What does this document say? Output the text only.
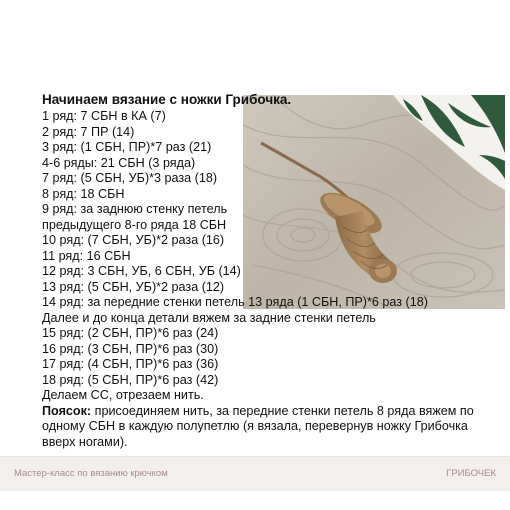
Начинаем вязание с ножки Грибочка.
1 ряд: 7 СБН в КА (7)
2 ряд: 7 ПР (14)
3 ряд: (1 СБН, ПР)*7 раз (21)
4-6 ряды: 21 СБН (3 ряда)
7 ряд: (5 СБН, УБ)*3 раза (18)
8 ряд: 18 СБН
9 ряд: за заднюю стенку петель
предыдущего 8-го ряда 18 СБН
10 ряд: (7 СБН, УБ)*2 раза (16)
11 ряд: 16 СБН
12 ряд: 3 СБН, УБ, 6 СБН, УБ (14)
13 ряд: (5 СБН, УБ)*2 раза (12)
14 ряд: за передние стенки петель 13 ряда (1 СБН, ПР)*6 раз (18)
Далее и до конца детали вяжем за задние стенки петель
15 ряд: (2 СБН, ПР)*6 раз (24)
16 ряд: (3 СБН, ПР)*6 раз (30)
17 ряд: (4 СБН, ПР)*6 раз (36)
18 ряд: (5 СБН, ПР)*6 раз (42)
Делаем СС, отрезаем нить.
Поясок: присоединяем нить, за передние стенки петель 8 ряда вяжем по одному СБН в каждую полупетлю (я вязала, перевернув ножку Грибочка вверх ногами).
Мастер-класс по вязанию крючком	ГРИБОЧЕК
